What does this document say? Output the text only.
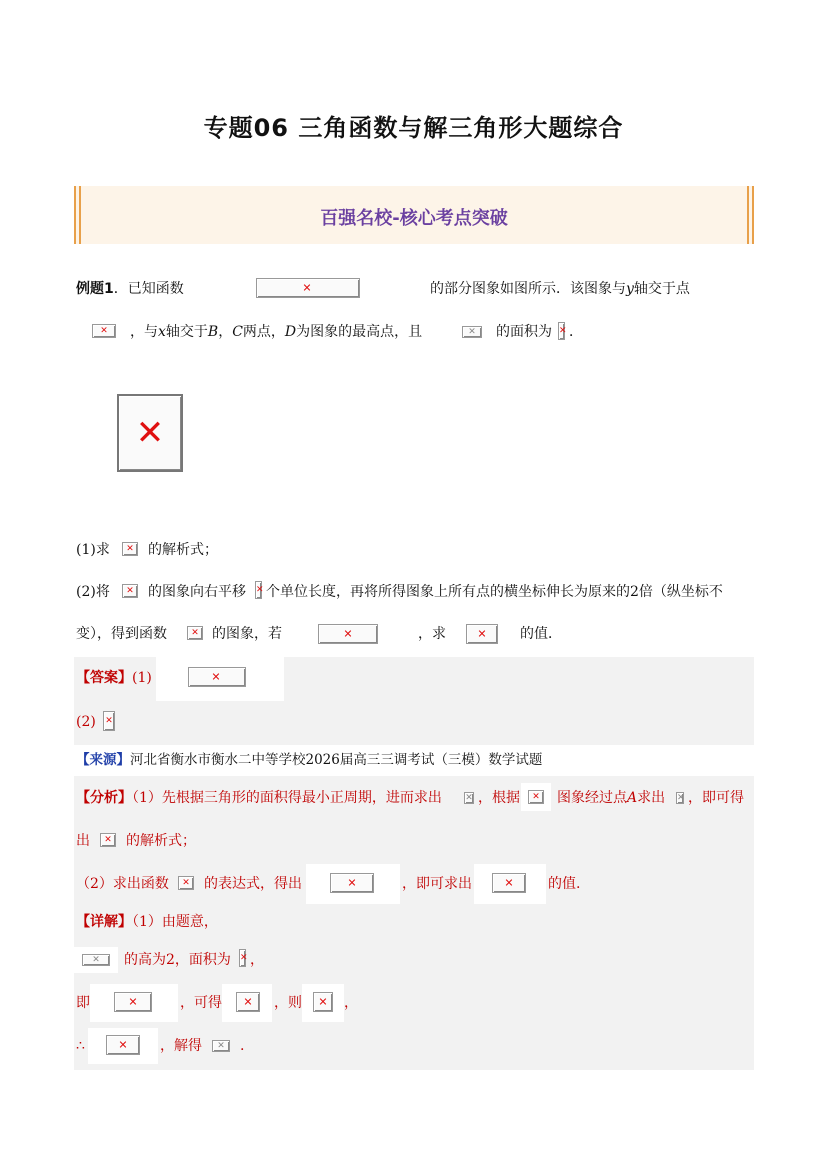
专题06 三角函数与解三角形大题综合
百强名校-核心考点突破
例题1．已知函数 ✕	的部分图象如图所示．该图象与y轴交于点
✕
，与x轴交于B，C两点，D为图象的最高点，且 ✕	的面积为 ✕ ．
✕
(1)求 ✕	的解析式；
(2)将 ✕	的图象向右平移 ✕ 个单位长度，再将所得图象上所有点的横坐标伸长为原来的2倍（纵坐标不
变），得到函数 ✕	的图象，若 ✕	，求 ✕	的值．
【答案】(1)
✕
(2)
✕
【来源】河北省衡水市衡水二中等学校2026届高三三调考试（三模）数学试题
【分析】（1）先根据三角形的面积得最小正周期，进而求出 ✕	，根据 ✕	图象经过点A求出 ✕ ，即可得
出 ✕	的解析式；
（2）求出函数 ✕	的表达式，得出 ✕	，即可求出 ✕	的值.
【详解】（1）由题意，
✕
的高为2，面积为 ✕ ，
即 ✕	，可得 ✕	，则 ✕	，
∴ ✕	，解得 ✕	.
